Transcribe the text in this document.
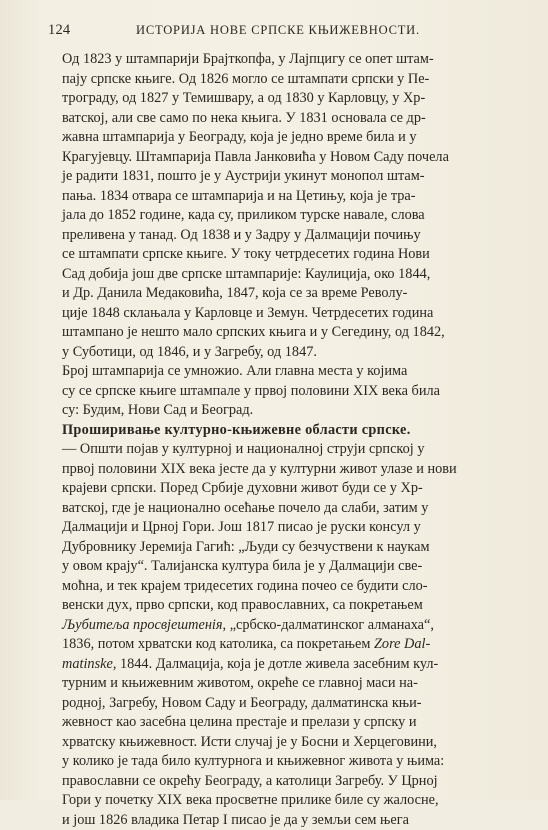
124	ИСТОРИЈА НОВЕ СРПСКЕ КЊИЖЕВНОСТИ.
Од 1823 у штампарији Брајткопфа, у Лајпцигу се опет штам-
пају српске књиге. Од 1826 могло се штампати српски у Пе-
трограду, од 1827 у Темишвару, а од 1830 у Карловцу, у Хр-
ватској, али све само по нека књига. У 1831 основала се др-
жавна штампарија у Београду, која је једно време била и у
Крагујевцу. Штампарија Павла Јанковића у Новом Саду почела
је радити 1831, пошто је у Аустрији укинут монопол штам-
пања. 1834 отвара се штампарија и на Цетињу, која је тра-
јала до 1852 године, када су, приликом турске навале, слова
преливена у танад. Од 1838 и у Задру у Далмацији почињу
се штампати српске књиге. У току четрдесетих година Нови
Сад добија још две српске штампарије: Каулиција, око 1844,
и Др. Данила Медаковића, 1847, која се за време Револу-
ције 1848 склањала у Карловце и Земун. Четрдесетих година
штампано је нешто мало српских књига и у Сегедину, од 1842,
у Суботици, од 1846, и у Загребу, од 1847.
Број штампарија се умножио. Али главна места у којима
су се српске књиге штампале у првој половини XIX века била
су: Будим, Нови Сад и Београд.
Проширивање културно-књижевне области српске.
— Општи појав у културној и националној струји српској у
првој половини XIX века јесте да у културни живот улазе и нови
крајеви српски. Поред Србије духовни живот буди се у Хр-
ватској, где је национално осећање почело да слаби, затим у
Далмацији и Црној Гори. Још 1817 писао је руски консул у
Дубровнику Јеремија Гагић: „Људи су безчуствени к наукам
у овом крају“. Талијанска култура била је у Далмацији све-
моћна, и тек крајем тридесетих година почео се будити сло-
венски дух, прво српски, код православних, са покретањем
Љубитеља просвјештенія, „србско-далматинског алманаха“,
1836, потом хрватски код католика, са покретањем Zore Dal-
matinske, 1844. Далмација, која је дотле живела засебним кул-
турним и књижевним животом, окреће се главној маси на-
родној, Загребу, Новом Саду и Београду, далматинска књи-
жевност као засебна целина престаје и прелази у српску и
хрватску књижевност. Исти случај је у Босни и Херцеговини,
у колико је тада било културнога и књижевног живота у њима:
православни се окрећу Београду, а католици Загребу. У Црној
Гори у почетку XIX века просветне прилике биле су жалосне,
и још 1826 владика Петар I писао је да у земљи сем њега
